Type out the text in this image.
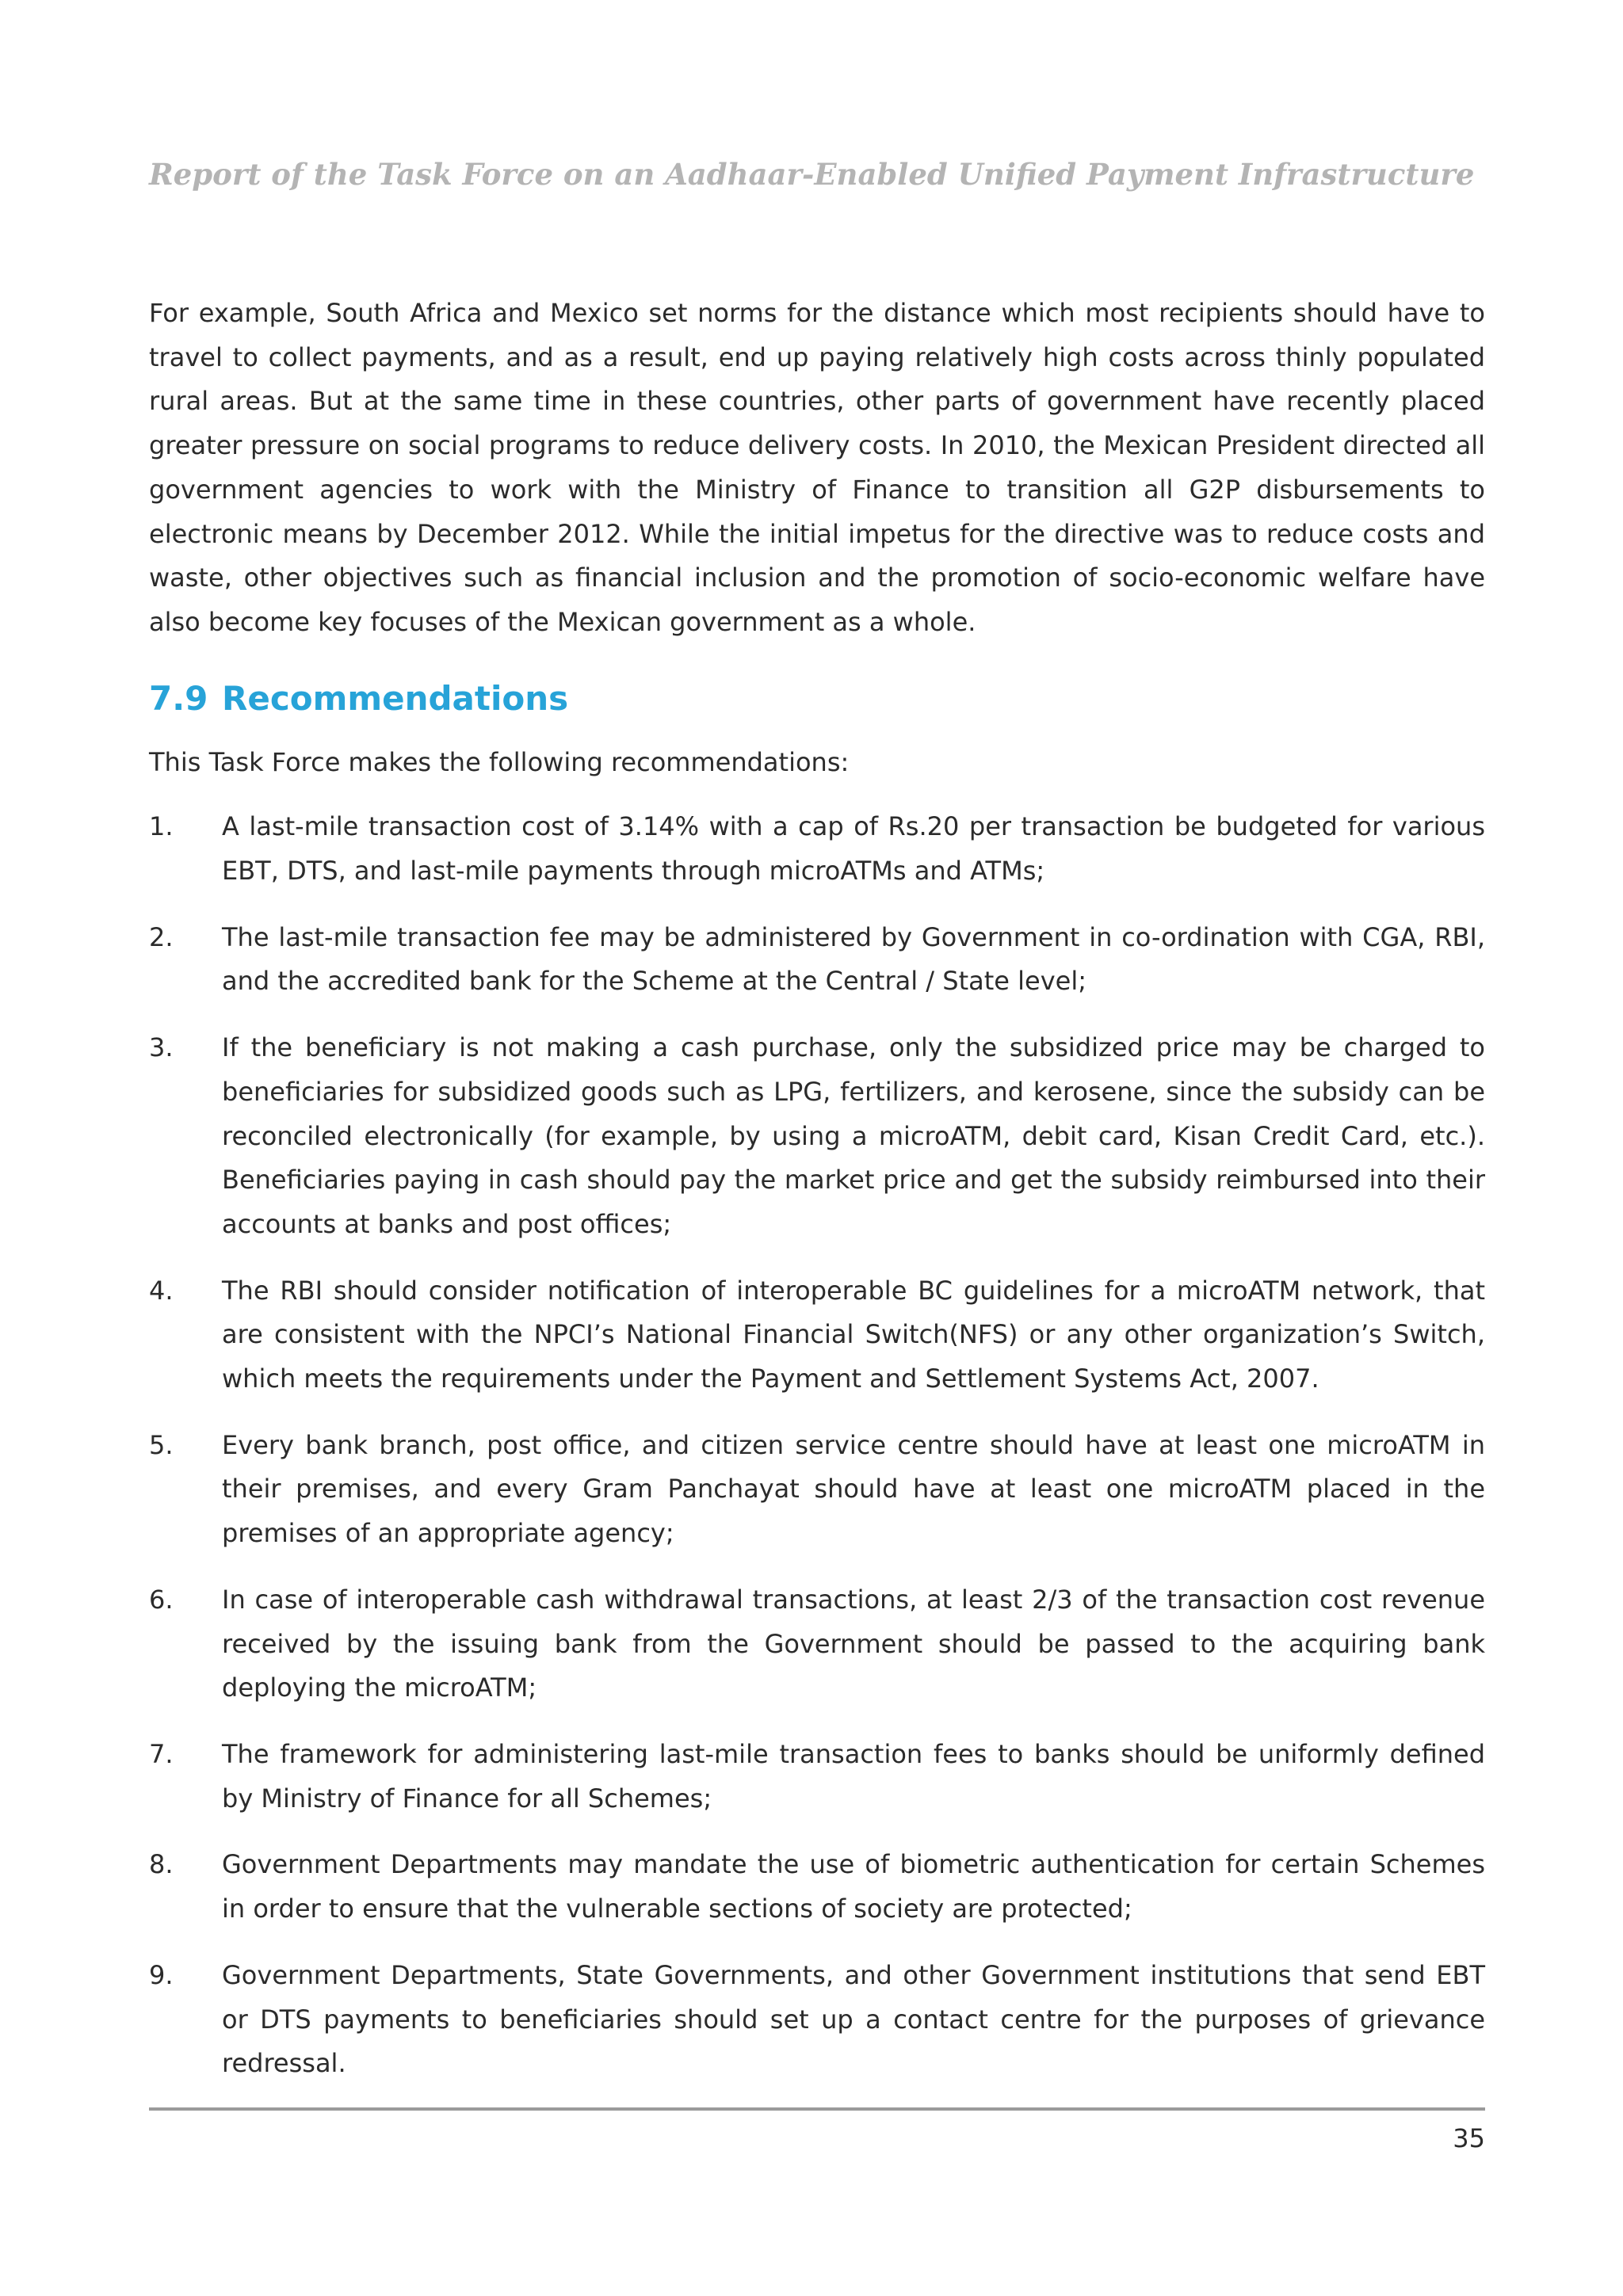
Report of the Task Force on an Aadhaar-Enabled Unified Payment Infrastructure

For example, South Africa and Mexico set norms for the distance which most recipients should have to travel to collect payments, and as a result, end up paying relatively high costs across thinly populated rural areas. But at the same time in these countries, other parts of government have recently placed greater pressure on social programs to reduce delivery costs. In 2010, the Mexican President directed all government agencies to work with the Ministry of Finance to transition all G2P disbursements to electronic means by December 2012. While the initial impetus for the directive was to reduce costs and waste, other objectives such as financial inclusion and the promotion of socio-economic welfare have also become key focuses of the Mexican government as a whole.

7.9 Recommendations

This Task Force makes the following recommendations:

1. A last-mile transaction cost of 3.14% with a cap of Rs.20 per transaction be budgeted for various EBT, DTS, and last-mile payments through microATMs and ATMs;
2. The last-mile transaction fee may be administered by Government in co-ordination with CGA, RBI, and the accredited bank for the Scheme at the Central / State level;
3. If the beneficiary is not making a cash purchase, only the subsidized price may be charged to beneficiaries for subsidized goods such as LPG, fertilizers, and kerosene, since the subsidy can be reconciled electronically (for example, by using a microATM, debit card, Kisan Credit Card, etc.). Beneficiaries paying in cash should pay the market price and get the subsidy reimbursed into their accounts at banks and post offices;
4. The RBI should consider notification of interoperable BC guidelines for a microATM network, that are consistent with the NPCI’s National Financial Switch(NFS) or any other organization’s Switch, which meets the requirements under the Payment and Settlement Systems Act, 2007.
5. Every bank branch, post office, and citizen service centre should have at least one microATM in their premises, and every Gram Panchayat should have at least one microATM placed in the premises of an appropriate agency;
6. In case of interoperable cash withdrawal transactions, at least 2/3 of the transaction cost revenue received by the issuing bank from the Government should be passed to the acquiring bank deploying the microATM;
7. The framework for administering last-mile transaction fees to banks should be uniformly defined by Ministry of Finance for all Schemes;
8. Government Departments may mandate the use of biometric authentication for certain Schemes in order to ensure that the vulnerable sections of society are protected;
9. Government Departments, State Governments, and other Government institutions that send EBT or DTS payments to beneficiaries should set up a contact centre for the purposes of grievance redressal.
35
